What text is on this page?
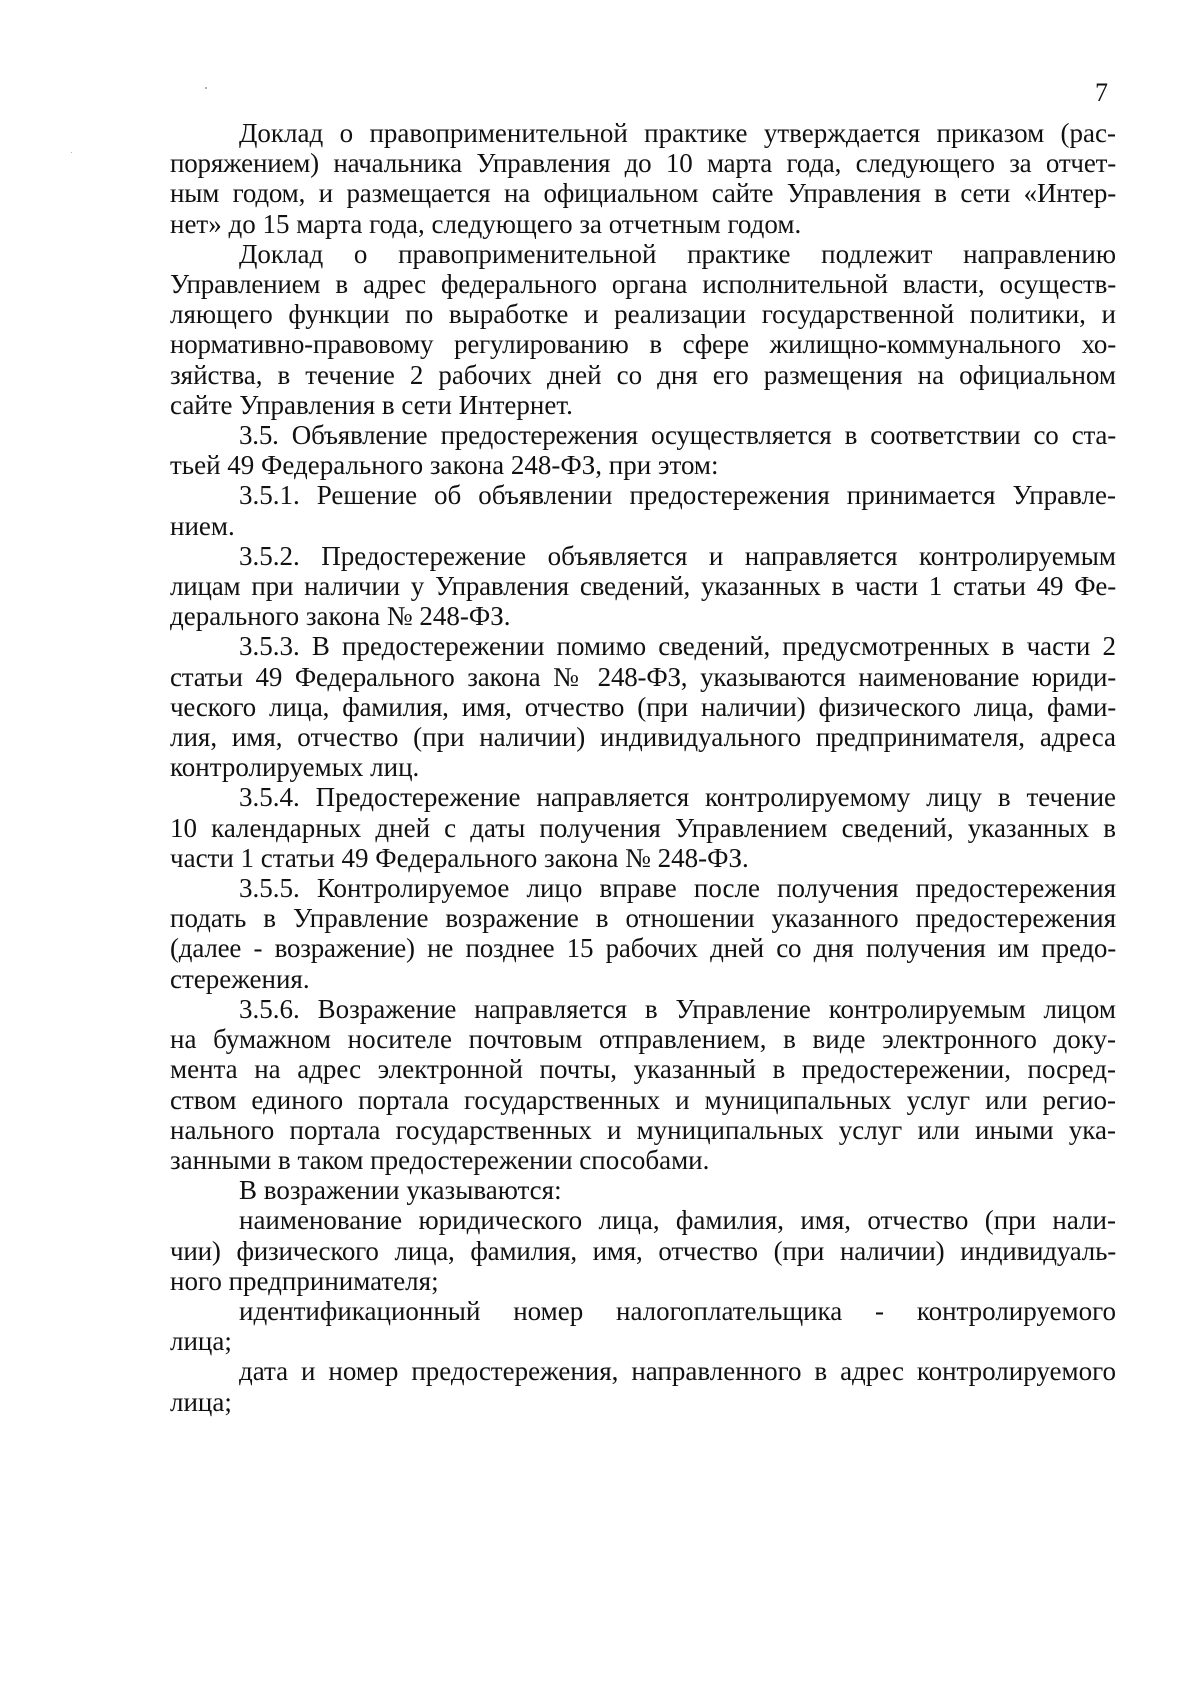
7
Доклад о правоприменительной практике утверждается приказом (рас-
поряжением) начальника Управления до 10 марта года, следующего за отчет-
ным годом, и размещается на официальном сайте Управления в сети «Интер-
нет» до 15 марта года, следующего за отчетным годом.
Доклад о правоприменительной практике подлежит направлению
Управлением в адрес федерального органа исполнительной власти, осуществ-
ляющего функции по выработке и реализации государственной политики, и
нормативно-правовому регулированию в сфере жилищно-коммунального хо-
зяйства, в течение 2 рабочих дней со дня его размещения на официальном
сайте Управления в сети Интернет.
3.5. Объявление предостережения осуществляется в соответствии со ста-
тьей 49 Федерального закона 248-ФЗ, при этом:
3.5.1. Решение об объявлении предостережения принимается Управле-
нием.
3.5.2. Предостережение объявляется и направляется контролируемым
лицам при наличии у Управления сведений, указанных в части 1 статьи 49 Фе-
дерального закона № 248-ФЗ.
3.5.3. В предостережении помимо сведений, предусмотренных в части 2
статьи 49 Федерального закона № 248-ФЗ, указываются наименование юриди-
ческого лица, фамилия, имя, отчество (при наличии) физического лица, фами-
лия, имя, отчество (при наличии) индивидуального предпринимателя, адреса
контролируемых лиц.
3.5.4. Предостережение направляется контролируемому лицу в течение
10 календарных дней с даты получения Управлением сведений, указанных в
части 1 статьи 49 Федерального закона № 248-ФЗ.
3.5.5. Контролируемое лицо вправе после получения предостережения
подать в Управление возражение в отношении указанного предостережения
(далее - возражение) не позднее 15 рабочих дней со дня получения им предо-
стережения.
3.5.6. Возражение направляется в Управление контролируемым лицом
на бумажном носителе почтовым отправлением, в виде электронного доку-
мента на адрес электронной почты, указанный в предостережении, посред-
ством единого портала государственных и муниципальных услуг или регио-
нального портала государственных и муниципальных услуг или иными ука-
занными в таком предостережении способами.
В возражении указываются:
наименование юридического лица, фамилия, имя, отчество (при нали-
чии) физического лица, фамилия, имя, отчество (при наличии) индивидуаль-
ного предпринимателя;
идентификационный номер налогоплательщика - контролируемого
лица;
дата и номер предостережения, направленного в адрес контролируемого
лица;
